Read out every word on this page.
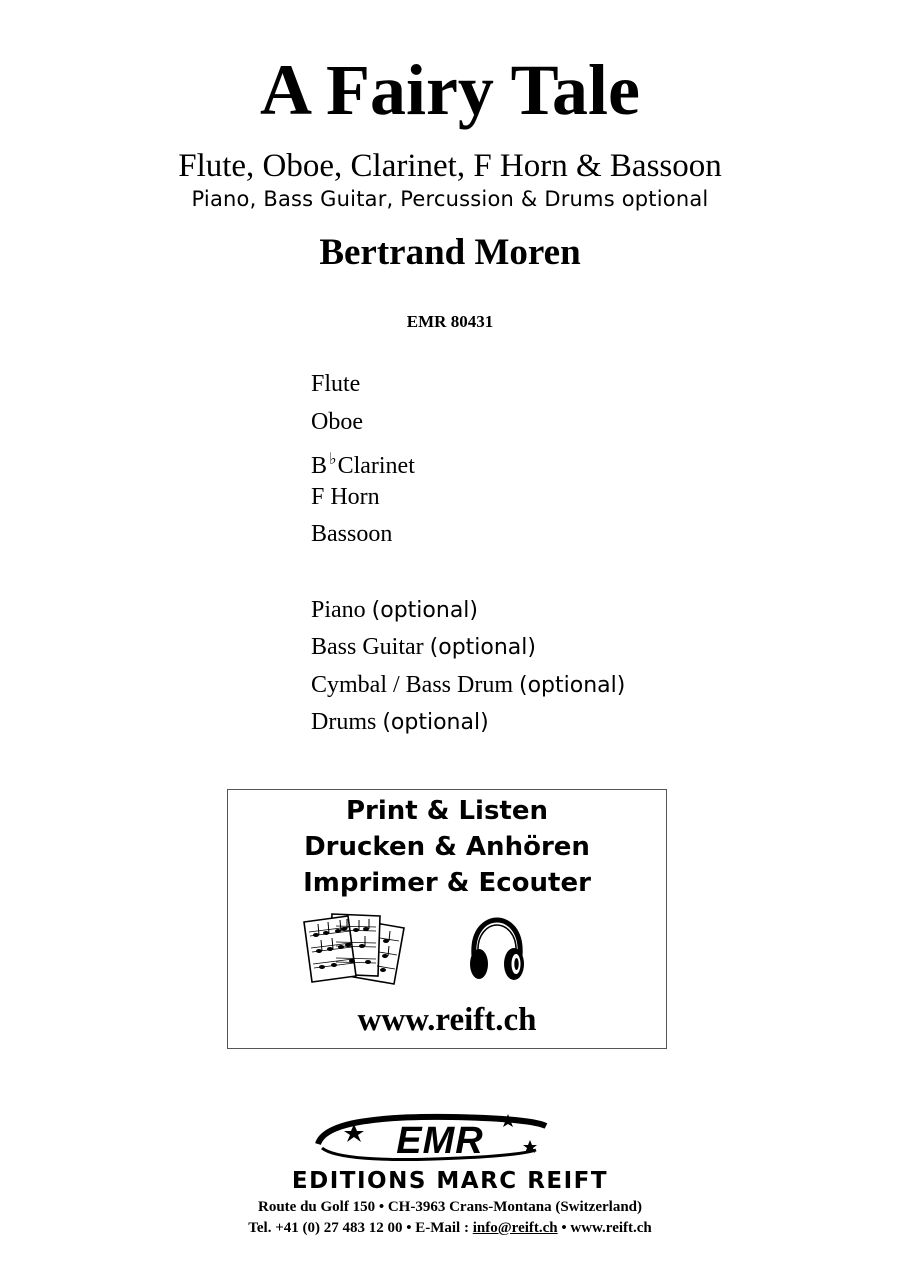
A Fairy Tale
Flute, Oboe, Clarinet, F Horn & Bassoon
Piano, Bass Guitar, Percussion & Drums optional
Bertrand Moren
EMR 80431
Flute
Oboe
B ♭Clarinet
F Horn
Bassoon
Piano (optional)
Bass Guitar (optional)
Cymbal / Bass Drum (optional)
Drums (optional)
Print & Listen
Drucken & Anhören
Imprimer & Ecouter
www.reift.ch
EMR
EDITIONS MARC REIFT
Route du Golf 150 • CH-3963 Crans-Montana (Switzerland)
Tel. +41 (0) 27 483 12 00 • E-Mail : info@reift.ch • www.reift.ch
